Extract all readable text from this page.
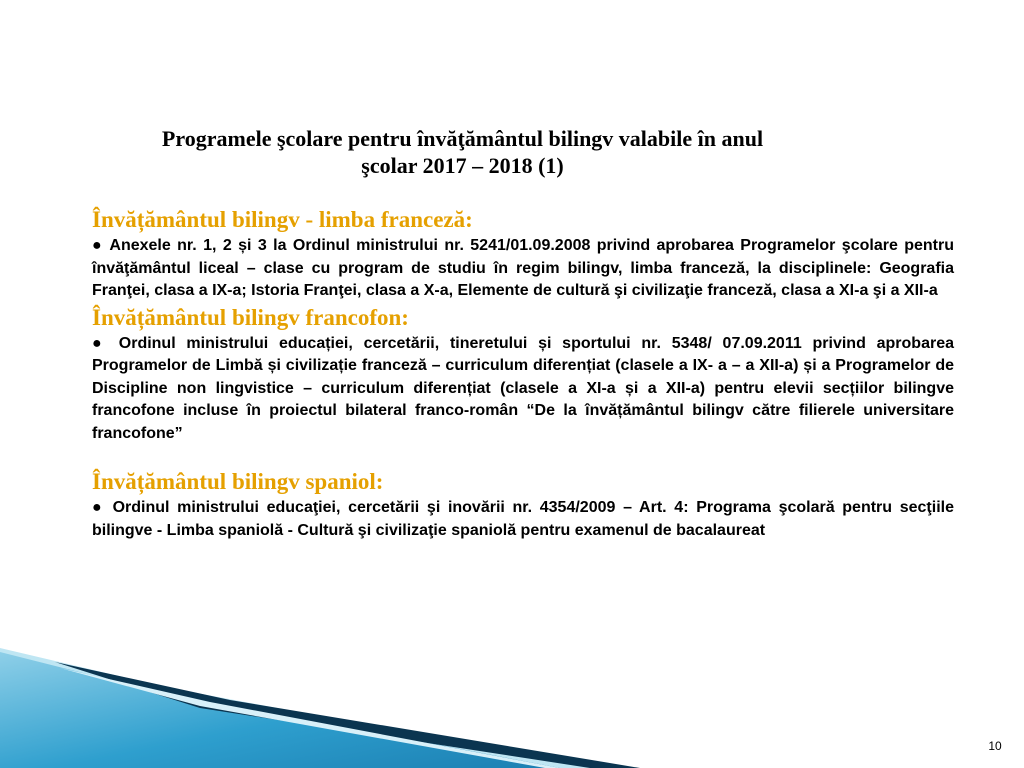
Programele şcolare pentru învăţământul bilingv valabile în anul
şcolar 2017 – 2018 (1)

Învățământul bilingv - limba franceză:

● Anexele nr. 1, 2 și 3 la Ordinul ministrului nr. 5241/01.09.2008 privind aprobarea Programelor şcolare pentru învăţământul liceal – clase cu program de studiu în regim bilingv, limba franceză, la disciplinele: Geografia Franţei, clasa a IX-a; Istoria Franţei, clasa a X-a, Elemente de cultură şi civilizaţie franceză, clasa a XI-a şi a XII-a

Învățământul bilingv francofon:

● Ordinul ministrului educației, cercetării, tineretului și sportului nr. 5348/ 07.09.2011 privind aprobarea Programelor de Limbă și civilizație franceză – curriculum diferențiat (clasele a IX- a – a XII-a) și a Programelor de Discipline non lingvistice – curriculum diferențiat (clasele a XI-a și a XII-a) pentru elevii secțiilor bilingve francofone incluse în proiectul bilateral franco-român “De la învățământul bilingv către filierele universitare francofone”

Învățământul bilingv spaniol:

● Ordinul ministrului educaţiei, cercetării şi inovării nr. 4354/2009 – Art. 4: Programa şcolară pentru secţiile bilingve - Limba spaniolă - Cultură şi civilizaţie spaniolă pentru examenul de bacalaureat

10
